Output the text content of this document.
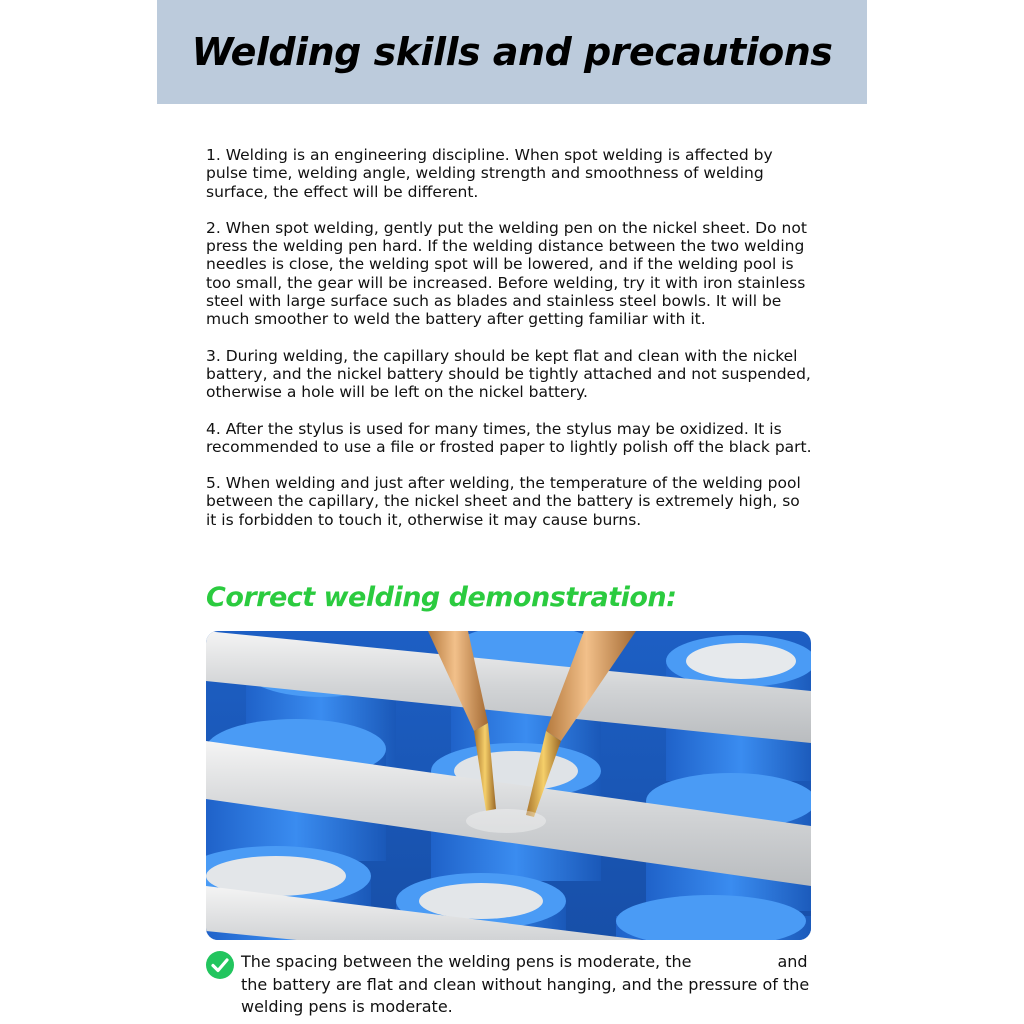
Welding skills and precautions

1. Welding is an engineering discipline. When spot welding is affected by pulse time, welding angle, welding strength and smoothness of welding surface, the effect will be different.

2. When spot welding, gently put the welding pen on the nickel sheet. Do not press the welding pen hard. If the welding distance between the two welding needles is close, the welding spot will be lowered, and if the welding pool is too small, the gear will be increased. Before welding, try it with iron stainless steel with large surface such as blades and stainless steel bowls. It will be much smoother to weld the battery after getting familiar with it.

3. During welding, the capillary should be kept flat and clean with the nickel battery, and the nickel battery should be tightly attached and not suspended, otherwise a hole will be left on the nickel battery.

4. After the stylus is used for many times, the stylus may be oxidized. It is recommended to use a file or frosted paper to lightly polish off the black part.

5. When welding and just after welding, the temperature of the welding pool between the capillary, the nickel sheet and the battery is extremely high, so it is forbidden to touch it, otherwise it may cause burns.

Correct welding demonstration:

The spacing between the welding pens is moderate, the	and the battery are flat and clean without hanging, and the pressure of the welding pens is moderate.
